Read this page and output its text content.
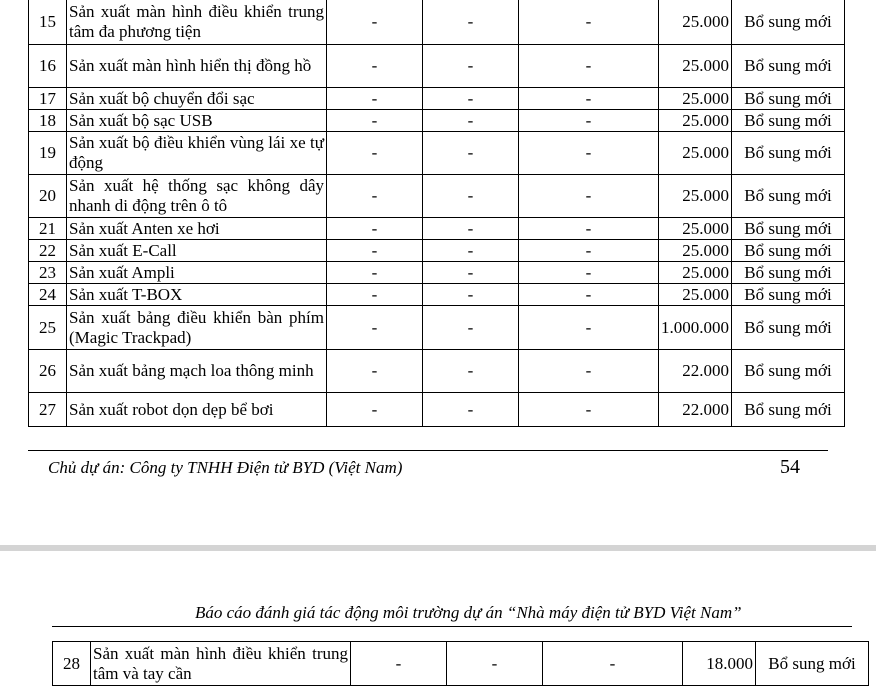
15	Sản xuất màn hình điều khiển trung tâm đa phương tiện	-	-	-	25.000	Bổ sung mới
16	Sản xuất màn hình hiển thị đồng hồ	-	-	-	25.000	Bổ sung mới
17	Sản xuất bộ chuyển đổi sạc	-	-	-	25.000	Bổ sung mới
18	Sản xuất bộ sạc USB	-	-	-	25.000	Bổ sung mới
19	Sản xuất bộ điều khiển vùng lái xe tự động	-	-	-	25.000	Bổ sung mới
20	Sản xuất hệ thống sạc không dây nhanh di động trên ô tô	-	-	-	25.000	Bổ sung mới
21	Sản xuất Anten xe hơi	-	-	-	25.000	Bổ sung mới
22	Sản xuất E-Call	-	-	-	25.000	Bổ sung mới
23	Sản xuất Ampli	-	-	-	25.000	Bổ sung mới
24	Sản xuất T-BOX	-	-	-	25.000	Bổ sung mới
25	Sản xuất bảng điều khiển bàn phím (Magic Trackpad)	-	-	-	1.000.000	Bổ sung mới
26	Sản xuất bảng mạch loa thông minh	-	-	-	22.000	Bổ sung mới
27	Sản xuất robot dọn dẹp bể bơi	-	-	-	22.000	Bổ sung mới
Chủ dự án: Công ty TNHH Điện tử BYD (Việt Nam)	54
Báo cáo đánh giá tác động môi trường dự án “Nhà máy điện tử BYD Việt Nam”
28	Sản xuất màn hình điều khiển trung tâm và tay cần	-	-	-	18.000	Bổ sung mới
